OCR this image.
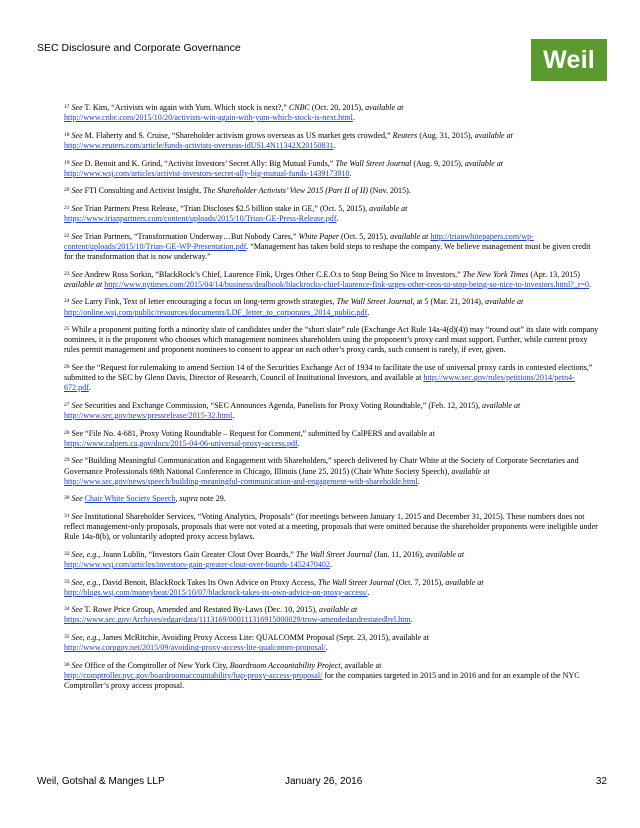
SEC Disclosure and Corporate Governance	Weil

$^{17}$ See T. Kim, “Activists win again with Yum. Which stock is next?,” CNBC (Oct. 20, 2015), available at
http://www.cnbc.com/2015/10/20/activists-win-again-with-yum-which-stock-is-next.html.

$^{18}$ See M. Flaherty and S. Cruise, “Shareholder activism grows overseas as US market gets crowded,” Reuters (Aug. 31, 2015), available at
http://www.reuters.com/article/funds-activists-overseas-idUSL4N11342X20150831.

$^{19}$ See D. Benoit and K. Grind, “Activist Investors’ Secret Ally: Big Mutual Funds,” The Wall Street Journal (Aug. 9, 2015), available at
http://www.wsj.com/articles/activist-investors-secret-ally-big-mutual-funds-1439173910.

$^{20}$ See FTI Consulting and Activist Insight, The Shareholder Activists’ View 2015 (Part II of II) (Nov. 2015).

$^{21}$ See Trian Partners Press Release, “Trian Discloses $2.5 billion stake in GE,” (Oct. 5, 2015), available at
https://www.trianpartners.com/content/uploads/2015/10/Trian-GE-Press-Release.pdf.

$^{22}$ See Trian Partners, “Transformation Underway…But Nobody Cares,” White Paper (Oct. 5, 2015), available at http://trianwhitepapers.com/wp-content/uploads/2015/10/Trian-GE-WP-Presentation.pdf. “Management has taken bold steps to reshape the company. We believe management must be given credit for the transformation that is now underway.”

$^{23}$ See Andrew Ross Sorkin, “BlackRock’s Chief, Laurence Fink, Urges Other C.E.O.s to Stop Being So Nice to Investors,” The New York Times (Apr. 13, 2015) available at http://www.nytimes.com/2015/04/14/business/dealbook/blackrocks-chief-laurence-fink-urges-other-ceos-to-stop-being-so-nice-to-investors.html?_r=0.

$^{24}$ See Larry Fink, Text of letter encouraging a focus on long-term growth strategies, The Wall Street Journal, at 5 (Mar. 21, 2014), available at
http://online.wsj.com/public/resources/documents/LDF_letter_to_corporates_2014_public.pdf.

$^{25}$ While a proponent putting forth a minority slate of candidates under the “short slate” rule (Exchange Act Rule 14a-4(d)(4)) may “round out” its slate with company nominees, it is the proponent who chooses which management nominees shareholders using the proponent’s proxy card must support. Further, while current proxy rules permit management and proponent nominees to consent to appear on each other’s proxy cards, such consent is rarely, if ever, given.

$^{26}$ See the “Request for rulemaking to amend Section 14 of the Securities Exchange Act of 1934 to facilitate the use of universal proxy cards in contested elections,” submitted to the SEC by Glenn Davis, Director of Research, Council of Institutional Investors, and available at http://www.sec.gov/rules/petitions/2014/petn4-672.pdf.

$^{27}$ See Securities and Exchange Commission, “SEC Announces Agenda, Panelists for Proxy Voting Roundtable,” (Feb. 12, 2015), available at
http://www.sec.gov/news/pressrelease/2015-32.html.

$^{28}$ See “File No. 4-681, Proxy Voting Roundtable – Request for Comment,” submitted by CalPERS and available at
https://www.calpers.ca.gov/docs/2015-04-06-universal-proxy-access.pdf.

$^{29}$ See “Building Meaningful Communication and Engagement with Shareholders,” speech delivered by Chair White at the Society of Corporate Secretaries and Governance Professionals 69th National Conference in Chicago, Illinois (June 25, 2015) (Chair White Society Speech), available at
http://www.sec.gov/news/speech/building-meaningful-communication-and-engagement-with-shareholde.html.

$^{30}$ See Chair White Society Speech, supra note 29.

$^{31}$ See Institutional Shareholder Services, “Voting Analytics, Proposals” (for meetings between January 1, 2015 and December 31, 2015). These numbers does not reflect management-only proposals, proposals that were not voted at a meeting, proposals that were omitted because the shareholder proponents were ineligible under Rule 14a-8(b), or voluntarily adopted proxy access bylaws.

$^{32}$ See, e.g., Joann Lublin, “Investors Gain Greater Clout Over Boards,” The Wall Street Journal (Jan. 11, 2016), available at
http://www.wsj.com/articles/investors-gain-greater-clout-over-boards-1452470402.

$^{33}$ See, e.g., David Benoit, BlackRock Takes Its Own Advice on Proxy Access, The Wall Street Journal (Oct. 7, 2015), available at
http://blogs.wsj.com/moneybeat/2015/10/07/blackrock-takes-its-own-advice-on-proxy-access/.

$^{34}$ See T. Rowe Price Group, Amended and Restated By-Laws (Dec. 10, 2015), available at
https://www.sec.gov/Archives/edgar/data/1113169/000111316915000029/trow-amendedandrestatedbyl.htm.

$^{35}$ See, e.g., James McRitchie, Avoiding Proxy Access Lite: QUALCOMM Proposal (Sept. 23, 2015), available at
http://www.corpgov.net/2015/09/avoiding-proxy-access-lite-qualcomm-proposal/.

$^{36}$ See Office of the Comptroller of New York City, Boardroom Accountability Project, available at
http://comptroller.nyc.gov/boardroomaccountability/bap-proxy-access-proposal/ for the companies targeted in 2015 and in 2016 and for an example of the NYC Comptroller’s proxy access proposal.

Weil, Gotshal & Manges LLP	January 26, 2016	32
